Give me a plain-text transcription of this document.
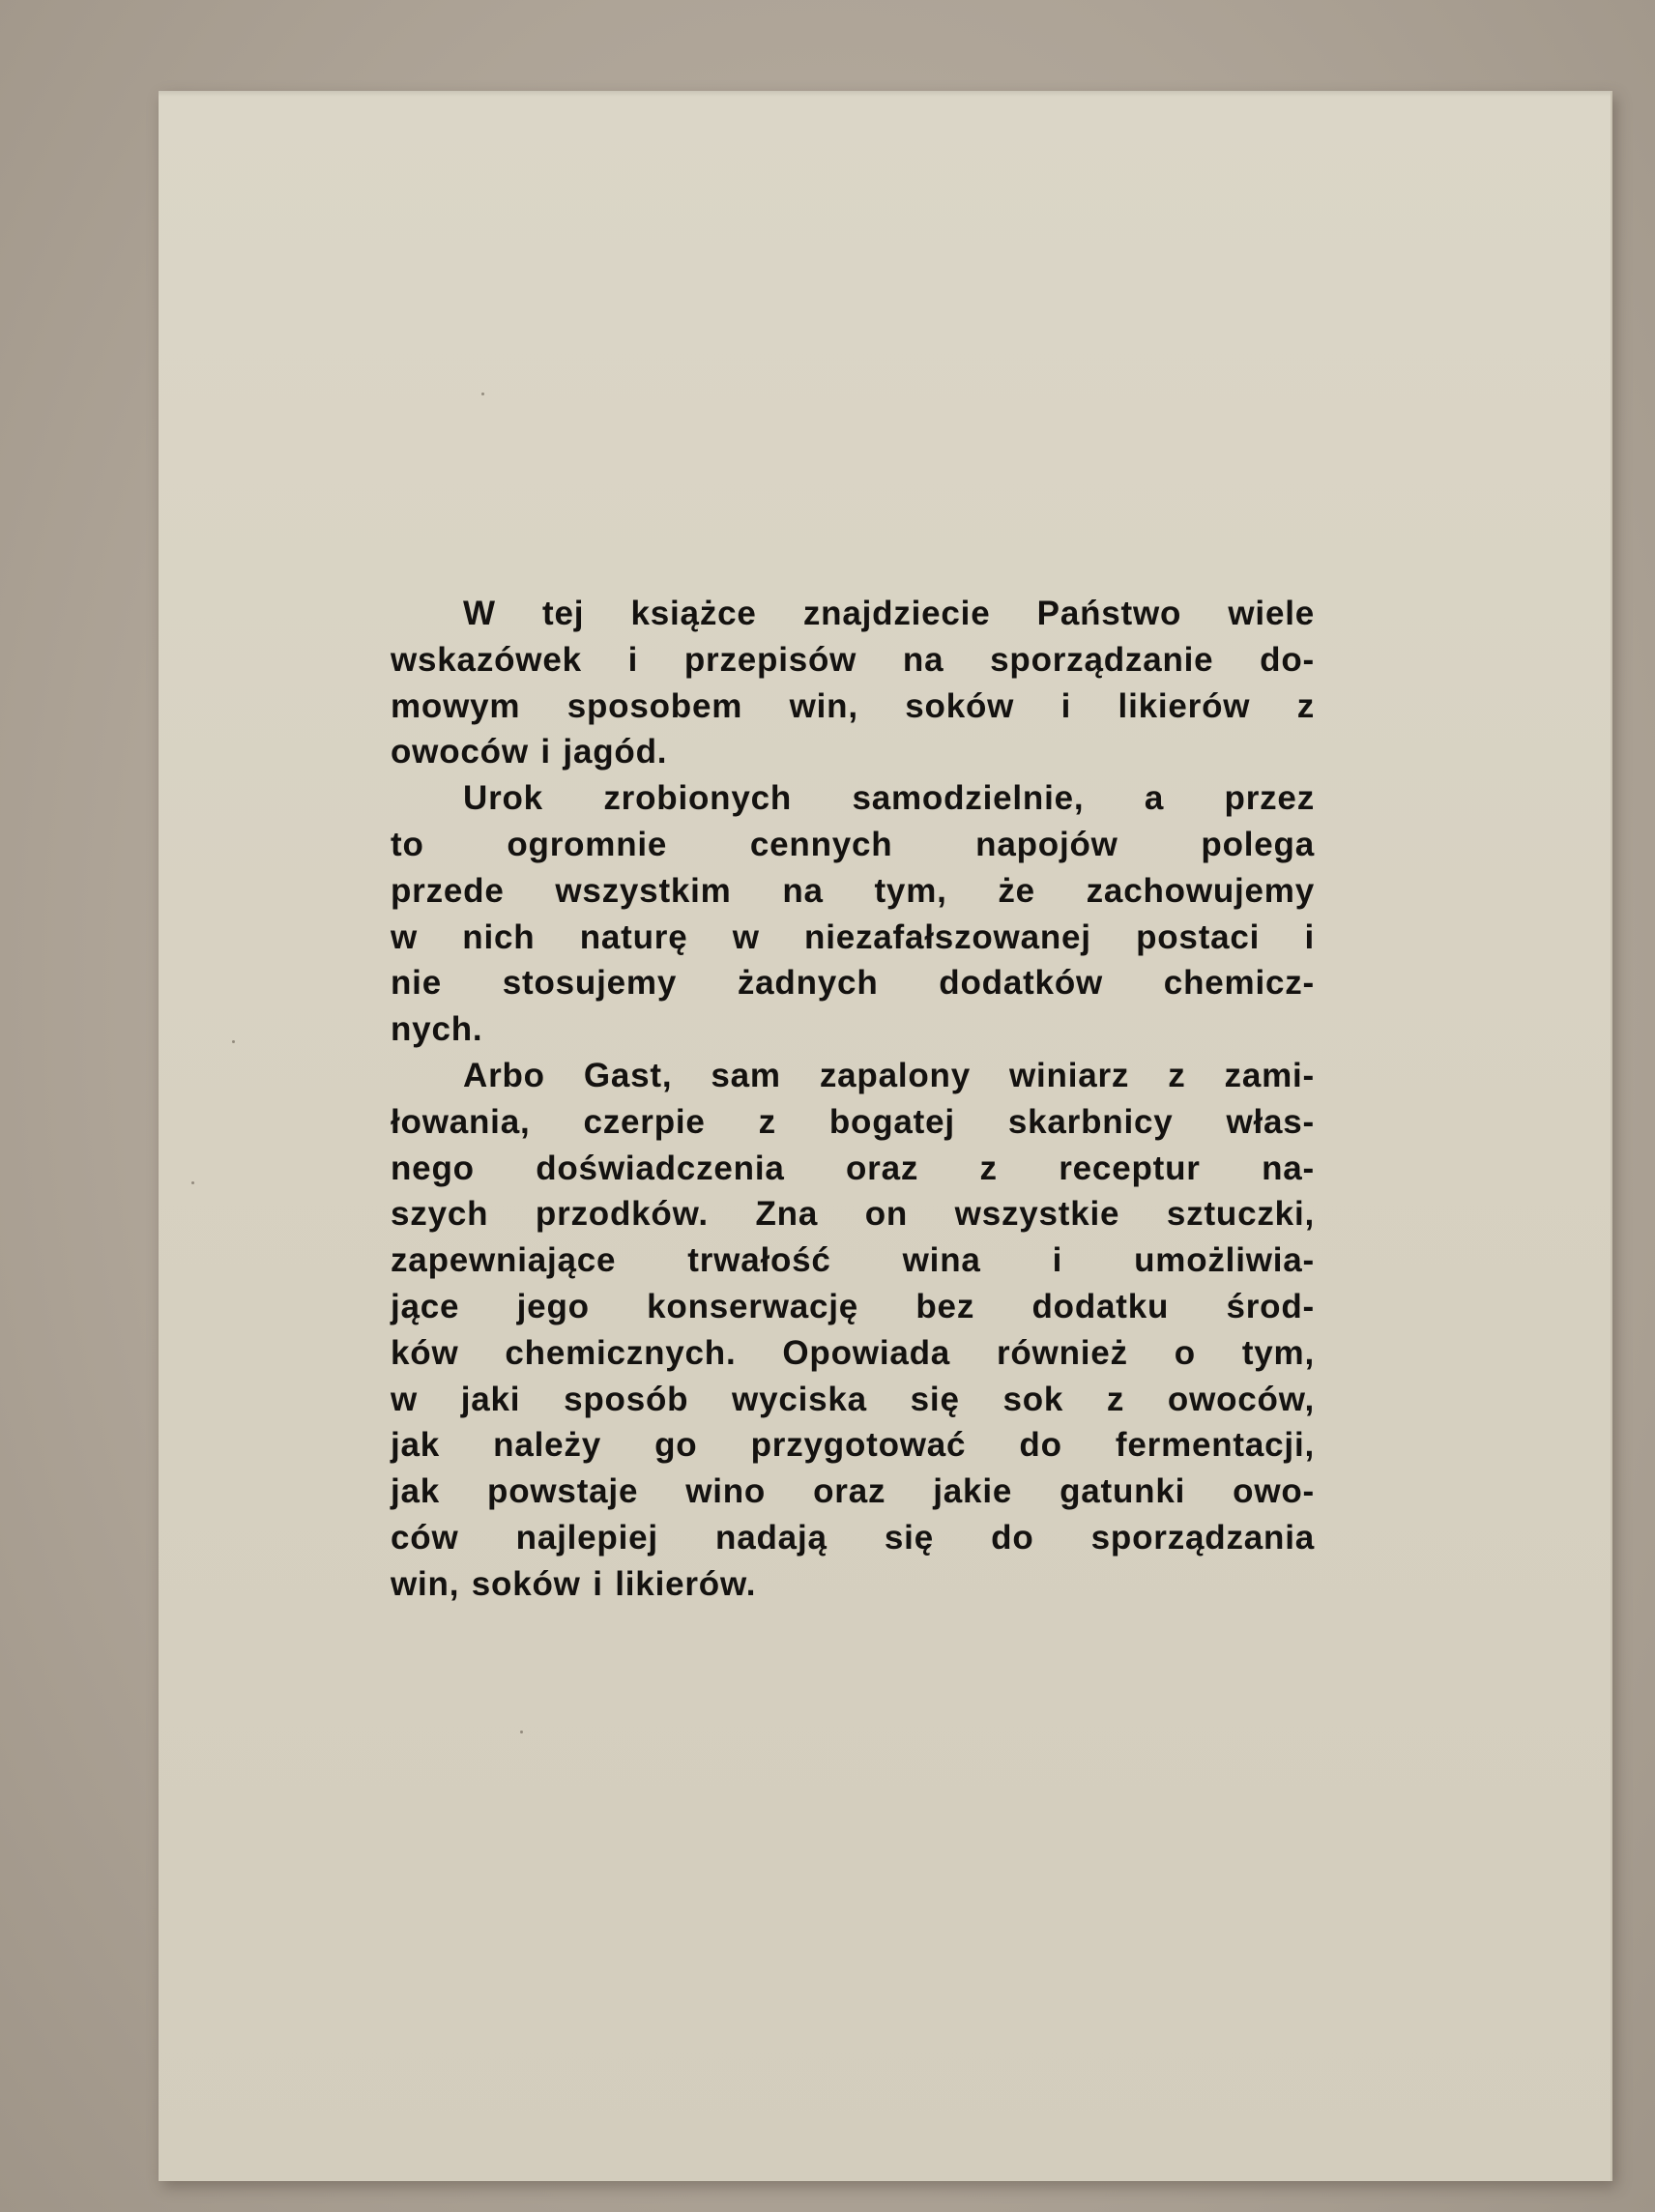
W tej książce znajdziecie Państwo wiele
wskazówek i przepisów na sporządzanie do-
mowym sposobem win, soków i likierów z
owoców i jagód.

Urok zrobionych samodzielnie, a przez
to ogromnie cennych napojów polega
przede wszystkim na tym, że zachowujemy
w nich naturę w niezafałszowanej postaci i
nie stosujemy żadnych dodatków chemicz-
nych.

Arbo Gast, sam zapalony winiarz z zami-
łowania, czerpie z bogatej skarbnicy włas-
nego doświadczenia oraz z receptur na-
szych przodków. Zna on wszystkie sztuczki,
zapewniające trwałość wina i umożliwia-
jące jego konserwację bez dodatku środ-
ków chemicznych. Opowiada również o tym,
w jaki sposób wyciska się sok z owoców,
jak należy go przygotować do fermentacji,
jak powstaje wino oraz jakie gatunki owo-
ców najlepiej nadają się do sporządzania
win, soków i likierów.
